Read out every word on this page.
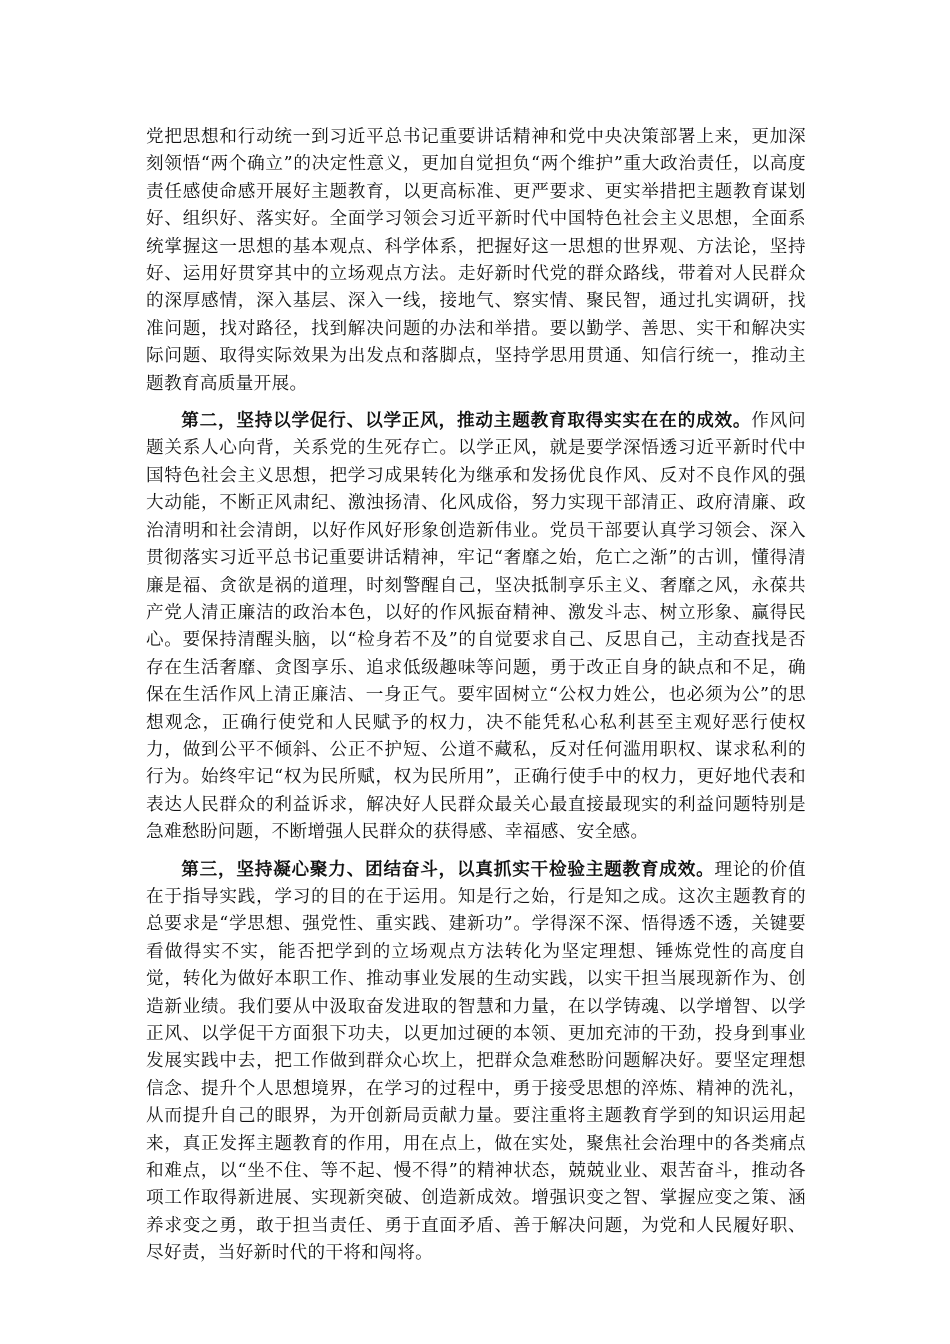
党把思想和行动统一到习近平总书记重要讲话精神和党中央决策部署上来，更加深刻领悟“两个确立”的决定性意义，更加自觉担负“两个维护”重大政治责任，以高度责任感使命感开展好主题教育，以更高标准、更严要求、更实举措把主题教育谋划好、组织好、落实好。全面学习领会习近平新时代中国特色社会主义思想，全面系统掌握这一思想的基本观点、科学体系，把握好这一思想的世界观、方法论，坚持好、运用好贯穿其中的立场观点方法。走好新时代党的群众路线，带着对人民群众的深厚感情，深入基层、深入一线，接地气、察实情、聚民智，通过扎实调研，找准问题，找对路径，找到解决问题的办法和举措。要以勤学、善思、实干和解决实际问题、取得实际效果为出发点和落脚点，坚持学思用贯通、知信行统一，推动主题教育高质量开展。

第二，坚持以学促行、以学正风，推动主题教育取得实实在在的成效。作风问题关系人心向背，关系党的生死存亡。以学正风，就是要学深悟透习近平新时代中国特色社会主义思想，把学习成果转化为继承和发扬优良作风、反对不良作风的强大动能，不断正风肃纪、激浊扬清、化风成俗，努力实现干部清正、政府清廉、政治清明和社会清朗，以好作风好形象创造新伟业。党员干部要认真学习领会、深入贯彻落实习近平总书记重要讲话精神，牢记“奢靡之始，危亡之渐”的古训，懂得清廉是福、贪欲是祸的道理，时刻警醒自己，坚决抵制享乐主义、奢靡之风，永葆共产党人清正廉洁的政治本色，以好的作风振奋精神、激发斗志、树立形象、赢得民心。要保持清醒头脑，以“检身若不及”的自觉要求自己、反思自己，主动查找是否存在生活奢靡、贪图享乐、追求低级趣味等问题，勇于改正自身的缺点和不足，确保在生活作风上清正廉洁、一身正气。要牢固树立“公权力姓公，也必须为公”的思想观念，正确行使党和人民赋予的权力，决不能凭私心私利甚至主观好恶行使权力，做到公平不倾斜、公正不护短、公道不藏私，反对任何滥用职权、谋求私利的行为。始终牢记“权为民所赋，权为民所用”，正确行使手中的权力，更好地代表和表达人民群众的利益诉求，解决好人民群众最关心最直接最现实的利益问题特别是急难愁盼问题，不断增强人民群众的获得感、幸福感、安全感。

第三，坚持凝心聚力、团结奋斗，以真抓实干检验主题教育成效。理论的价值在于指导实践，学习的目的在于运用。知是行之始，行是知之成。这次主题教育的总要求是“学思想、强党性、重实践、建新功”。学得深不深、悟得透不透，关键要看做得实不实，能否把学到的立场观点方法转化为坚定理想、锤炼党性的高度自觉，转化为做好本职工作、推动事业发展的生动实践，以实干担当展现新作为、创造新业绩。我们要从中汲取奋发进取的智慧和力量，在以学铸魂、以学增智、以学正风、以学促干方面狠下功夫，以更加过硬的本领、更加充沛的干劲，投身到事业发展实践中去，把工作做到群众心坎上，把群众急难愁盼问题解决好。要坚定理想信念、提升个人思想境界，在学习的过程中，勇于接受思想的淬炼、精神的洗礼，从而提升自己的眼界，为开创新局贡献力量。要注重将主题教育学到的知识运用起来，真正发挥主题教育的作用，用在点上，做在实处，聚焦社会治理中的各类痛点和难点，以“坐不住、等不起、慢不得”的精神状态，兢兢业业、艰苦奋斗，推动各项工作取得新进展、实现新突破、创造新成效。增强识变之智、掌握应变之策、涵养求变之勇，敢于担当责任、勇于直面矛盾、善于解决问题，为党和人民履好职、尽好责，当好新时代的干将和闯将。
